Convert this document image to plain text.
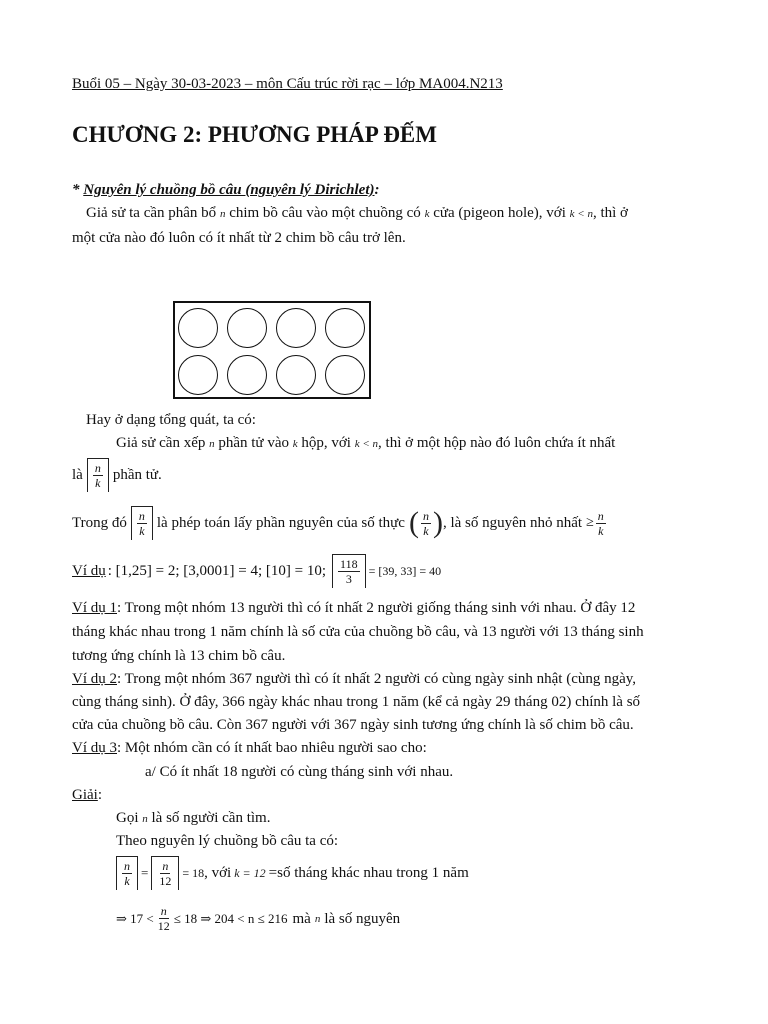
Buổi 05 – Ngày 30-03-2023 – môn Cấu trúc rời rạc – lớp MA004.N213
CHƯƠNG 2: PHƯƠNG PHÁP ĐẾM
* Nguyên lý chuồng bồ câu (nguyên lý Dirichlet):
Giả sử ta cần phân bổ n chim bồ câu vào một chuồng có k cửa (pigeon hole), với k < n, thì ở
một cửa nào đó luôn có ít nhất từ 2 chim bồ câu trở lên.
Hay ở dạng tổng quát, ta có:
Giả sử cần xếp n phần tử vào k hộp, với k < n, thì ở một hộp nào đó luôn chứa ít nhất
là $\frac{n}{k}$ phần tử.
Trong đó $\frac{n}{k}$ là phép toán lấy phần nguyên của số thực ( $\frac{n}{k}$ ) , là số nguyên nhỏ nhất ≥ $\frac{n}{k}$
Ví dụ : [1,25] = 2; [3,0001] = 4; [10] = 10; $\frac{118}{3} = [39$, 33] = 40
Ví dụ 1: Trong một nhóm 13 người thì có ít nhất 2 người giống tháng sinh với nhau. Ở đây 12
tháng khác nhau trong 1 năm chính là số cửa của chuồng bồ câu, và 13 người với 13 tháng sinh
tương ứng chính là 13 chim bồ câu.
Ví dụ 2: Trong một nhóm 367 người thì có ít nhất 2 người có cùng ngày sinh nhật (cùng ngày,
cùng tháng sinh). Ở đây, 366 ngày khác nhau trong 1 năm (kể cả ngày 29 tháng 02) chính là số
cửa của chuồng bồ câu. Còn 367 người với 367 ngày sinh tương ứng chính là số chim bồ câu.
Ví dụ 3: Một nhóm cần có ít nhất bao nhiêu người sao cho:
a/ Có ít nhất 18 người có cùng tháng sinh với nhau.
Giải:
Gọi n là số người cần tìm.
Theo nguyên lý chuồng bồ câu ta có:
$\frac{n}{k} = \frac{n}{12} = 18$ , với k = 12 =số tháng khác nhau trong 1 năm
⇒ $17 < \frac{n}{12} \le 18$ ⇒ 204 < n ≤ 216 mà n là số nguyên
